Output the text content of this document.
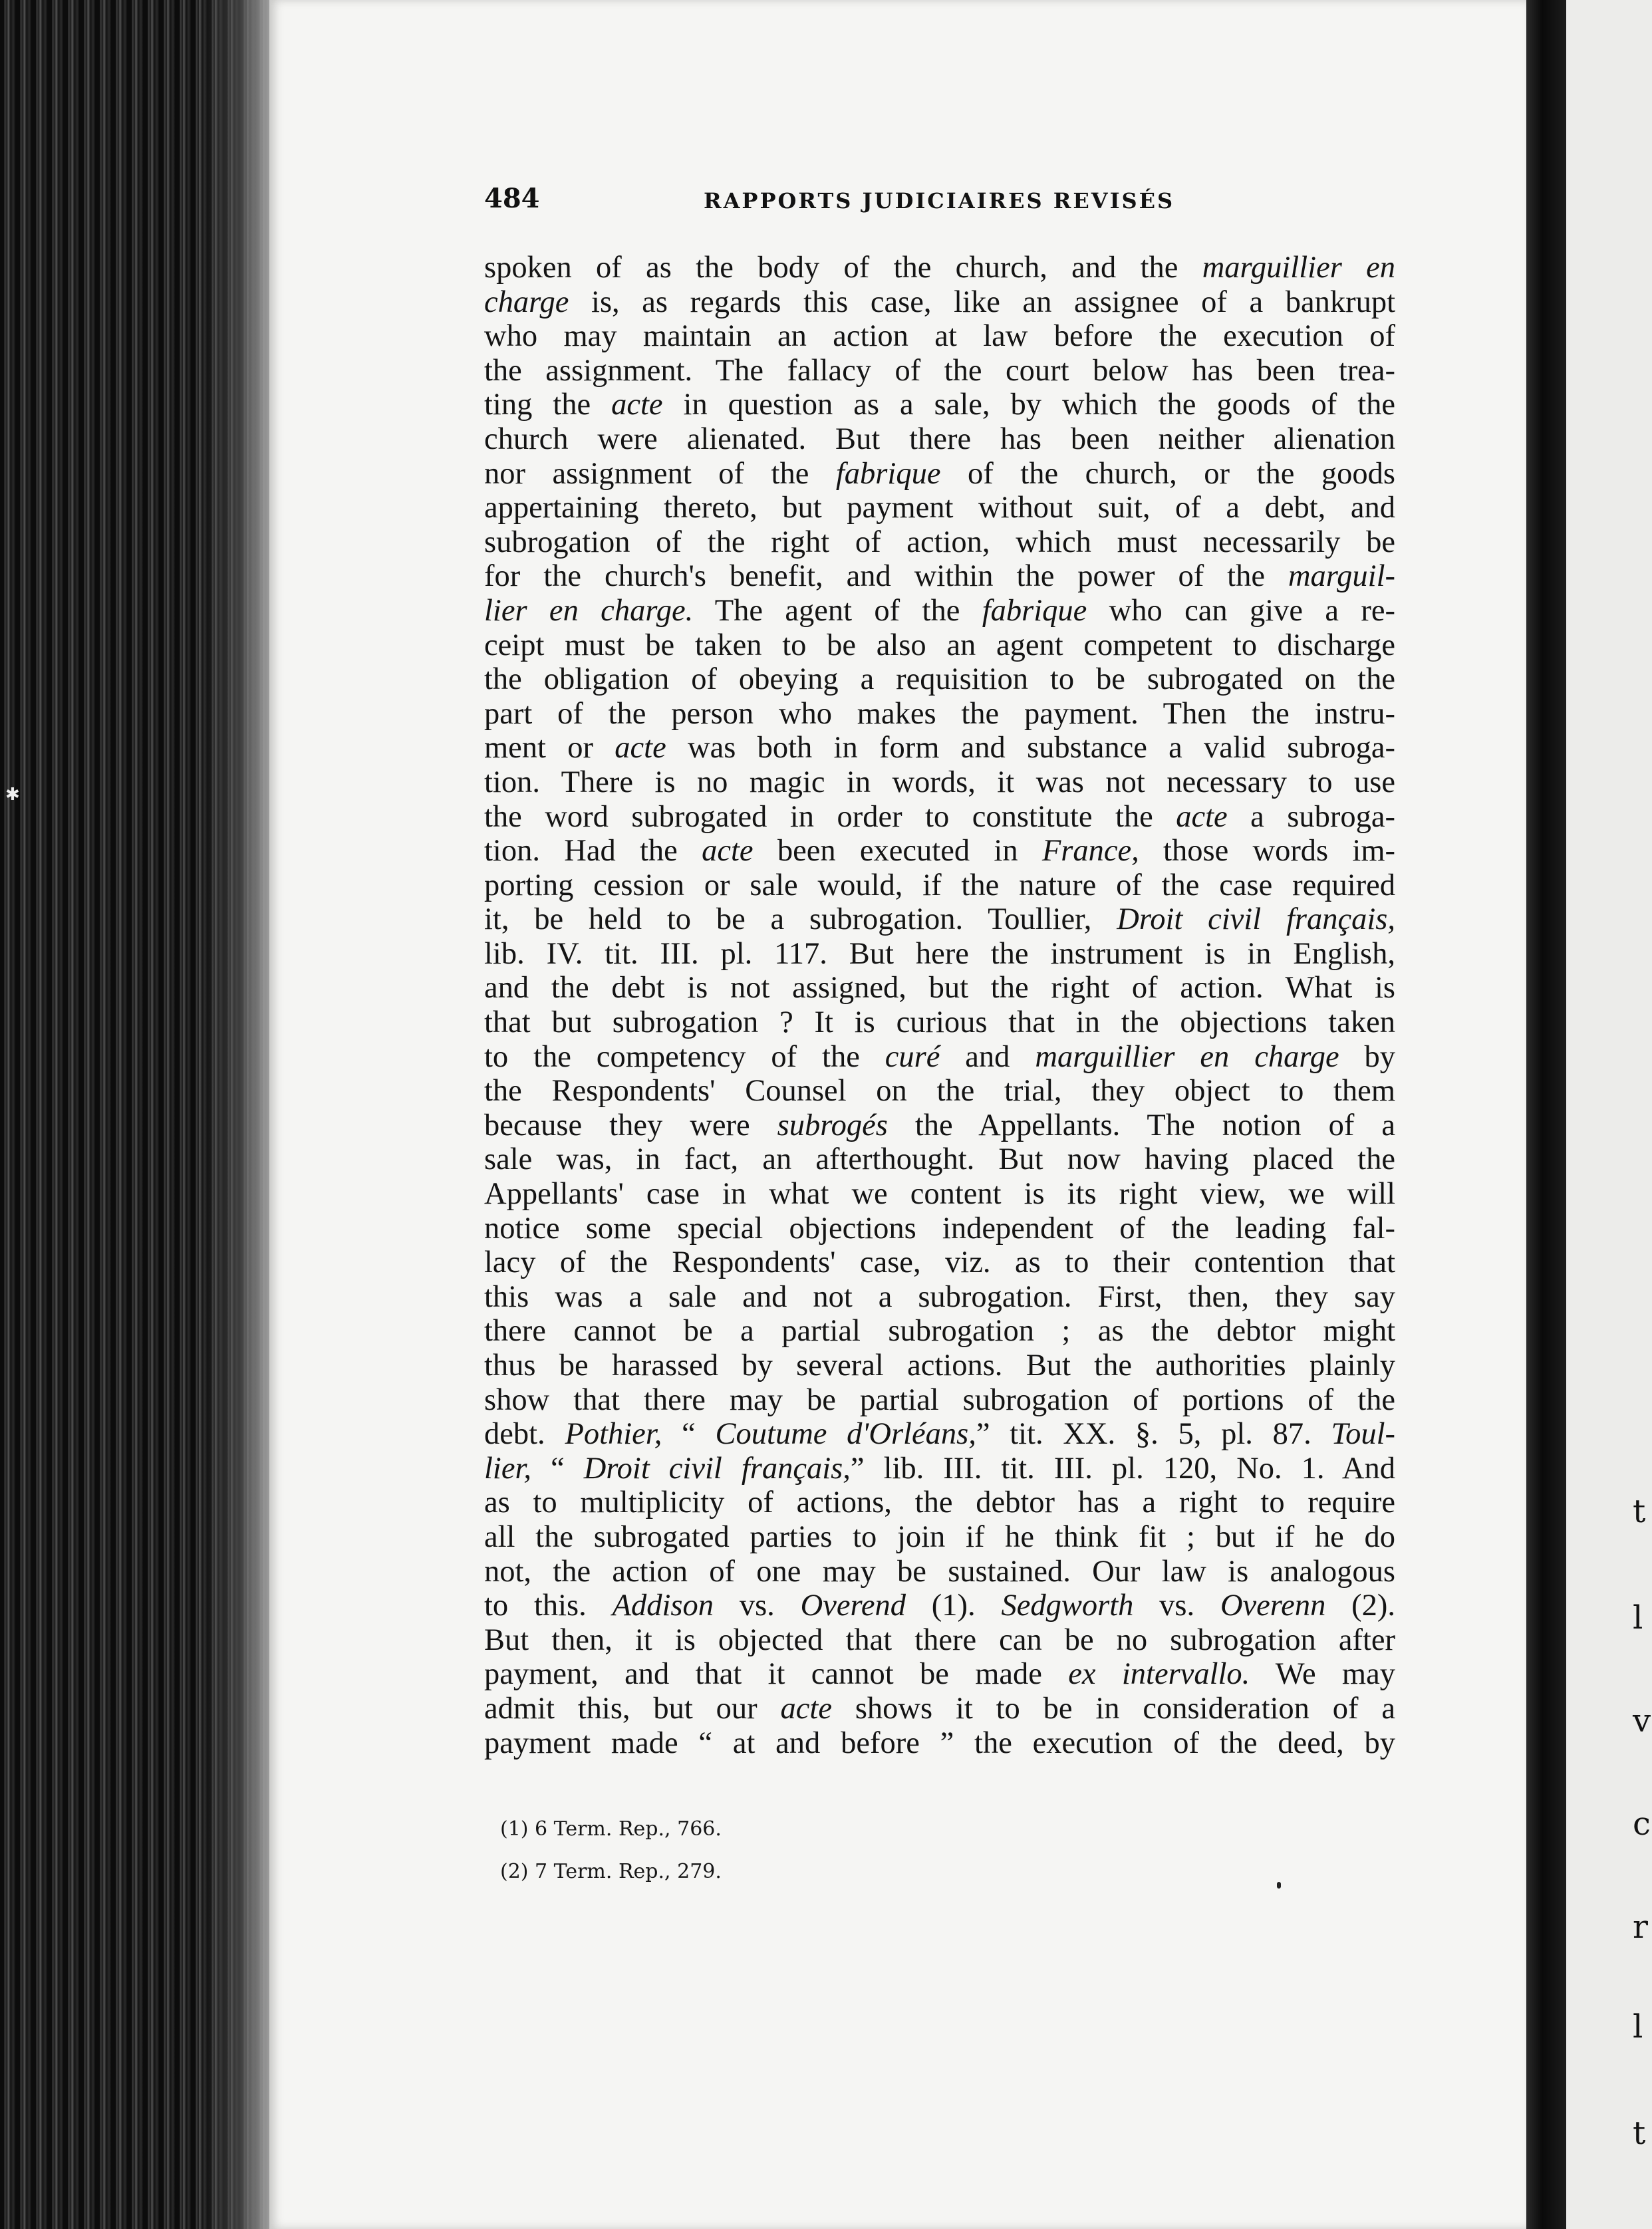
✱
t
l
v
c
r
l
t
484	RAPPORTS JUDICIAIRES REVISÉS
spoken of as the body of the church, and the marguillier en
charge is, as regards this case, like an assignee of a bankrupt
who may maintain an action at law before the execution of
the assignment. The fallacy of the court below has been trea-
ting the acte in question as a sale, by which the goods of the
church were alienated. But there has been neither alienation
nor assignment of the fabrique of the church, or the goods
appertaining thereto, but payment without suit, of a debt, and
subrogation of the right of action, which must necessarily be
for the church's benefit, and within the power of the marguil-
lier en charge. The agent of the fabrique who can give a re-
ceipt must be taken to be also an agent competent to discharge
the obligation of obeying a requisition to be subrogated on the
part of the person who makes the payment. Then the instru-
ment or acte was both in form and substance a valid subroga-
tion. There is no magic in words, it was not necessary to use
the word subrogated in order to constitute the acte a subroga-
tion. Had the acte been executed in France, those words im-
porting cession or sale would, if the nature of the case required
it, be held to be a subrogation. Toullier, Droit civil français,
lib. IV. tit. III. pl. 117. But here the instrument is in English,
and the debt is not assigned, but the right of action. What is
that but subrogation ? It is curious that in the objections taken
to the competency of the curé and marguillier en charge by
the Respondents' Counsel on the trial, they object to them
because they were subrogés the Appellants. The notion of a
sale was, in fact, an afterthought. But now having placed the
Appellants' case in what we content is its right view, we will
notice some special objections independent of the leading fal-
lacy of the Respondents' case, viz. as to their contention that
this was a sale and not a subrogation. First, then, they say
there cannot be a partial subrogation ; as the debtor might
thus be harassed by several actions. But the authorities plainly
show that there may be partial subrogation of portions of the
debt. Pothier, “ Coutume d'Orléans,” tit. XX. §. 5, pl. 87. Toul-
lier, “ Droit civil français,” lib. III. tit. III. pl. 120, No. 1. And
as to multiplicity of actions, the debtor has a right to require
all the subrogated parties to join if he think fit ; but if he do
not, the action of one may be sustained. Our law is analogous
to this. Addison vs. Overend (1). Sedgworth vs. Overenn (2).
But then, it is objected that there can be no subrogation after
payment, and that it cannot be made ex intervallo. We may
admit this, but our acte shows it to be in consideration of a
payment made “ at and before ” the execution of the deed, by
(1) 6 Term. Rep., 766.
(2) 7 Term. Rep., 279.
